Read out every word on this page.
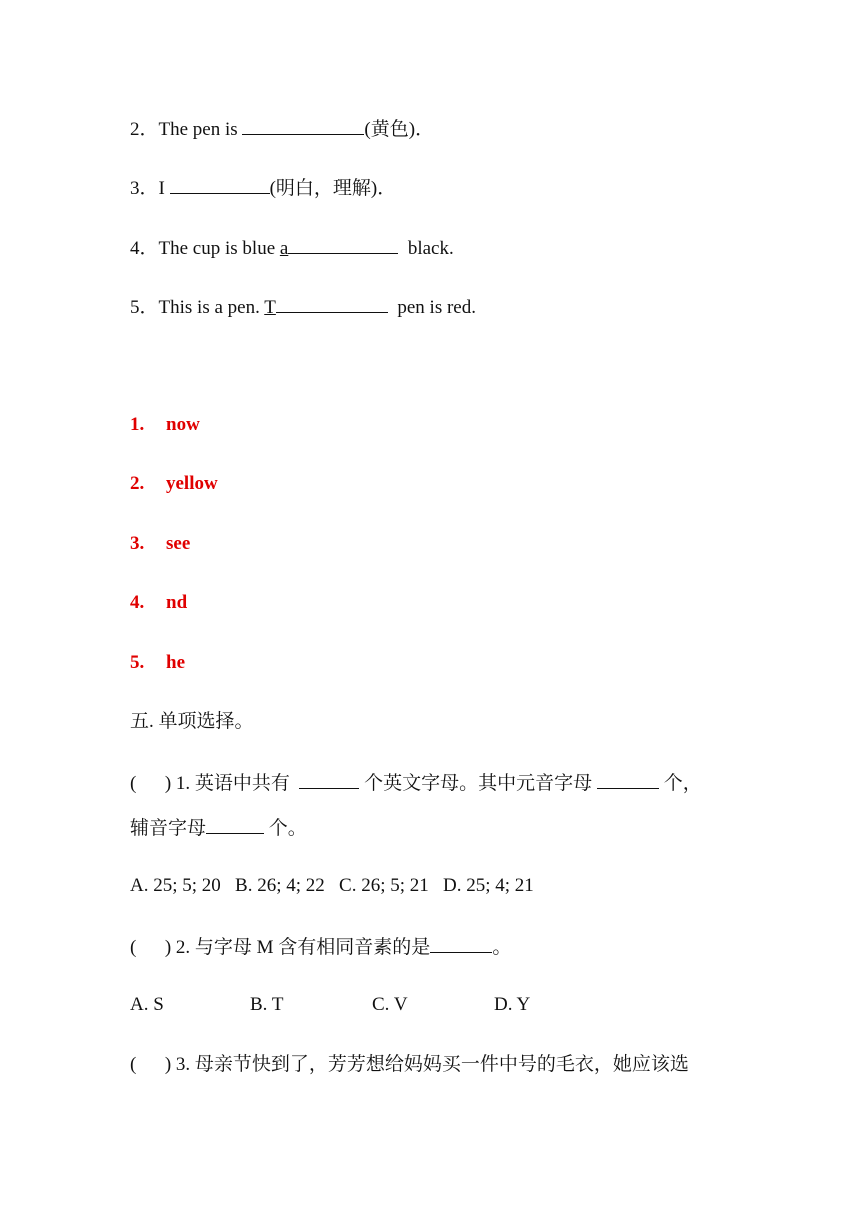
2．The pen is	(黄色)．
3．I	(明白，理解)．
4．The cup is blue a	black.
5．This is a pen. T	pen is red.
1. now
2. yellow
3. see
4. nd
5. he
五. 单项选择。
(      ) 1. 英语中共有	个英文字母。其中元音字母	个，
辅音字母	个。
A. 25; 5; 20 B. 26; 4; 22 C. 26; 5; 21 D. 25; 4; 21
(      ) 2. 与字母 M 含有相同音素的是	。
A. S	B. T	C. V	D. Y
(      ) 3. 母亲节快到了，芳芳想给妈妈买一件中号的毛衣，她应该选
